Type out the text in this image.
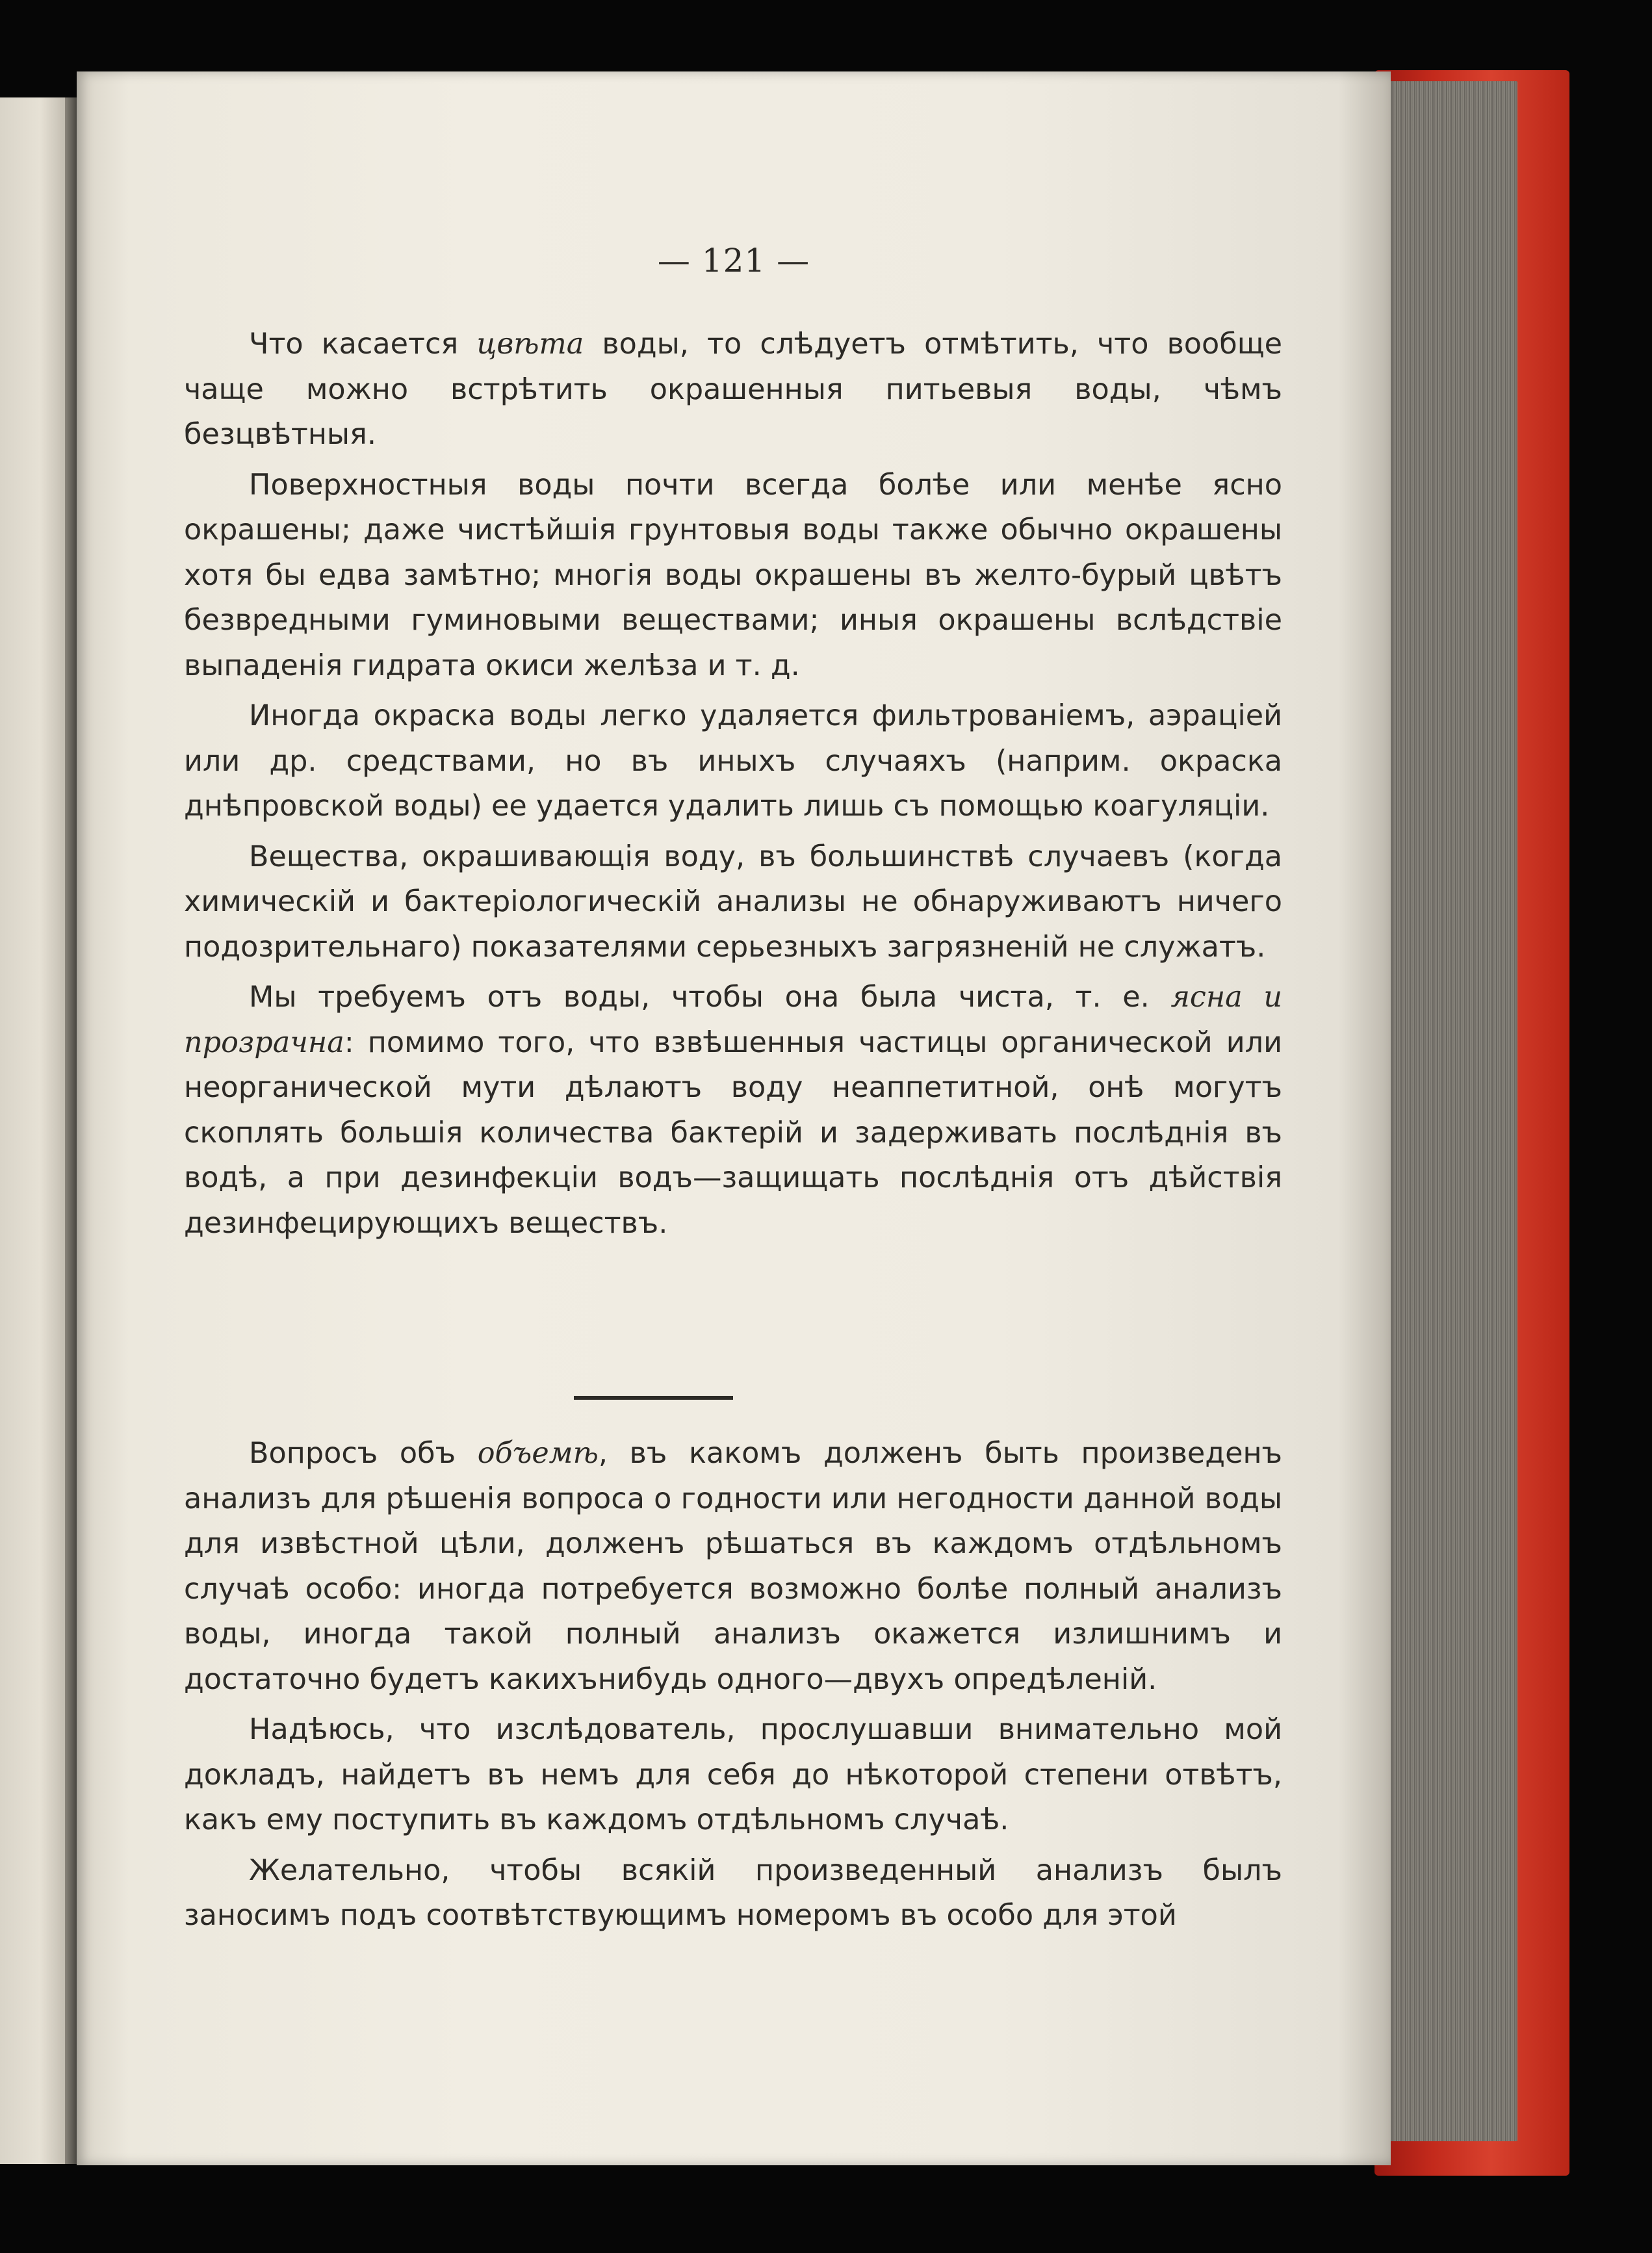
— 121 —

Что касается цвѣта воды, то слѣдуетъ отмѣтить, что вообще чаще можно встрѣтить окрашенныя питьевыя воды, чѣмъ безцвѣтныя.

Поверхностныя воды почти всегда болѣе или менѣе ясно окрашены; даже чистѣйшія грунтовыя воды также обычно окрашены хотя бы едва замѣтно; многія воды окрашены въ желто-бурый цвѣтъ безвредными гуминовыми веществами; иныя окрашены вслѣдствіе выпаденія гидрата окиси желѣза и т. д.

Иногда окраска воды легко удаляется фильтрованіемъ, аэраціей или др. средствами, но въ иныхъ случаяхъ (наприм. окраска днѣпровской воды) ее удается удалить лишь съ помощью коагуляціи.

Вещества, окрашивающія воду, въ большинствѣ случаевъ (когда химическій и бактеріологическій анализы не обнаруживаютъ ничего подозрительнаго) показателями серьезныхъ загрязненій не служатъ.

Мы требуемъ отъ воды, чтобы она была чиста, т. е. ясна и прозрачна: помимо того, что взвѣшенныя частицы органической или неорганической мути дѣлаютъ воду неаппетитной, онѣ могутъ скоплять большія количества бактерій и задерживать послѣднія въ водѣ, а при дезинфекціи водъ—защищать послѣднія отъ дѣйствія дезинфецирующихъ веществъ.

Вопросъ объ объемѣ, въ какомъ долженъ быть произведенъ анализъ для рѣшенія вопроса о годности или негодности данной воды для извѣстной цѣли, долженъ рѣшаться въ каждомъ отдѣльномъ случаѣ особо: иногда потребуется возможно болѣе полный анализъ воды, иногда такой полный анализъ окажется излишнимъ и достаточно будетъ какихънибудь одного—двухъ опредѣленій.

Надѣюсь, что изслѣдователь, прослушавши внимательно мой докладъ, найдетъ въ немъ для себя до нѣкоторой степени отвѣтъ, какъ ему поступить въ каждомъ отдѣльномъ случаѣ.

Желательно, чтобы всякій произведенный анализъ былъ заносимъ подъ соотвѣтствующимъ номеромъ въ особо для этой
